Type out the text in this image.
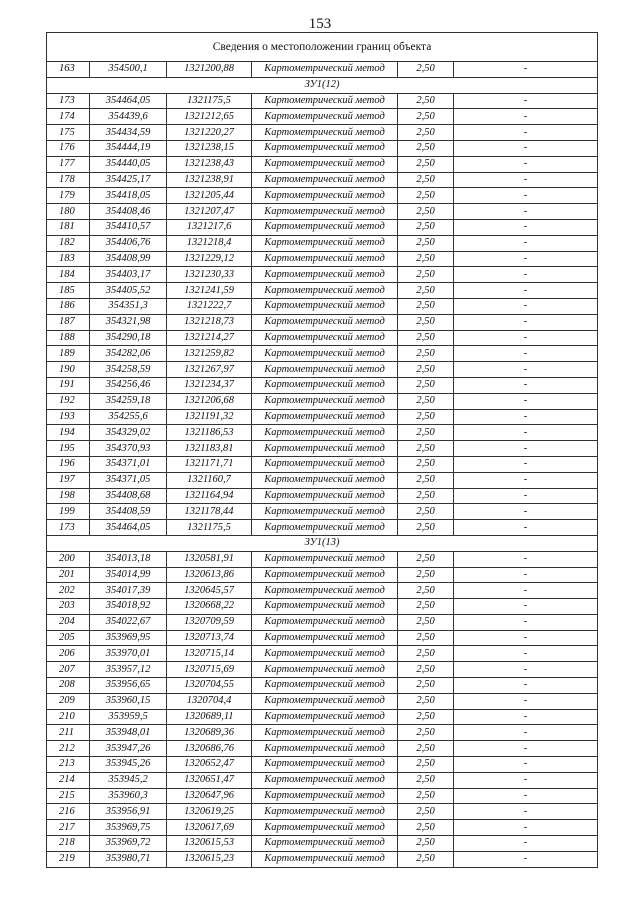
153
Сведения о местоположении границ объекта					
163	354500,1	1321200,88	Картометрический метод	2,50	-
ЗУ1(12)					
173	354464,05	1321175,5	Картометрический метод	2,50	-
174	354439,6	1321212,65	Картометрический метод	2,50	-
175	354434,59	1321220,27	Картометрический метод	2,50	-
176	354444,19	1321238,15	Картометрический метод	2,50	-
177	354440,05	1321238,43	Картометрический метод	2,50	-
178	354425,17	1321238,91	Картометрический метод	2,50	-
179	354418,05	1321205,44	Картометрический метод	2,50	-
180	354408,46	1321207,47	Картометрический метод	2,50	-
181	354410,57	1321217,6	Картометрический метод	2,50	-
182	354406,76	1321218,4	Картометрический метод	2,50	-
183	354408,99	1321229,12	Картометрический метод	2,50	-
184	354403,17	1321230,33	Картометрический метод	2,50	-
185	354405,52	1321241,59	Картометрический метод	2,50	-
186	354351,3	1321222,7	Картометрический метод	2,50	-
187	354321,98	1321218,73	Картометрический метод	2,50	-
188	354290,18	1321214,27	Картометрический метод	2,50	-
189	354282,06	1321259,82	Картометрический метод	2,50	-
190	354258,59	1321267,97	Картометрический метод	2,50	-
191	354256,46	1321234,37	Картометрический метод	2,50	-
192	354259,18	1321206,68	Картометрический метод	2,50	-
193	354255,6	1321191,32	Картометрический метод	2,50	-
194	354329,02	1321186,53	Картометрический метод	2,50	-
195	354370,93	1321183,81	Картометрический метод	2,50	-
196	354371,01	1321171,71	Картометрический метод	2,50	-
197	354371,05	1321160,7	Картометрический метод	2,50	-
198	354408,68	1321164,94	Картометрический метод	2,50	-
199	354408,59	1321178,44	Картометрический метод	2,50	-
173	354464,05	1321175,5	Картометрический метод	2,50	-
ЗУ1(13)					
200	354013,18	1320581,91	Картометрический метод	2,50	-
201	354014,99	1320613,86	Картометрический метод	2,50	-
202	354017,39	1320645,57	Картометрический метод	2,50	-
203	354018,92	1320668,22	Картометрический метод	2,50	-
204	354022,67	1320709,59	Картометрический метод	2,50	-
205	353969,95	1320713,74	Картометрический метод	2,50	-
206	353970,01	1320715,14	Картометрический метод	2,50	-
207	353957,12	1320715,69	Картометрический метод	2,50	-
208	353956,65	1320704,55	Картометрический метод	2,50	-
209	353960,15	1320704,4	Картометрический метод	2,50	-
210	353959,5	1320689,11	Картометрический метод	2,50	-
211	353948,01	1320689,36	Картометрический метод	2,50	-
212	353947,26	1320686,76	Картометрический метод	2,50	-
213	353945,26	1320652,47	Картометрический метод	2,50	-
214	353945,2	1320651,47	Картометрический метод	2,50	-
215	353960,3	1320647,96	Картометрический метод	2,50	-
216	353956,91	1320619,25	Картометрический метод	2,50	-
217	353969,75	1320617,69	Картометрический метод	2,50	-
218	353969,72	1320615,53	Картометрический метод	2,50	-
219	353980,71	1320615,23	Картометрический метод	2,50	-
